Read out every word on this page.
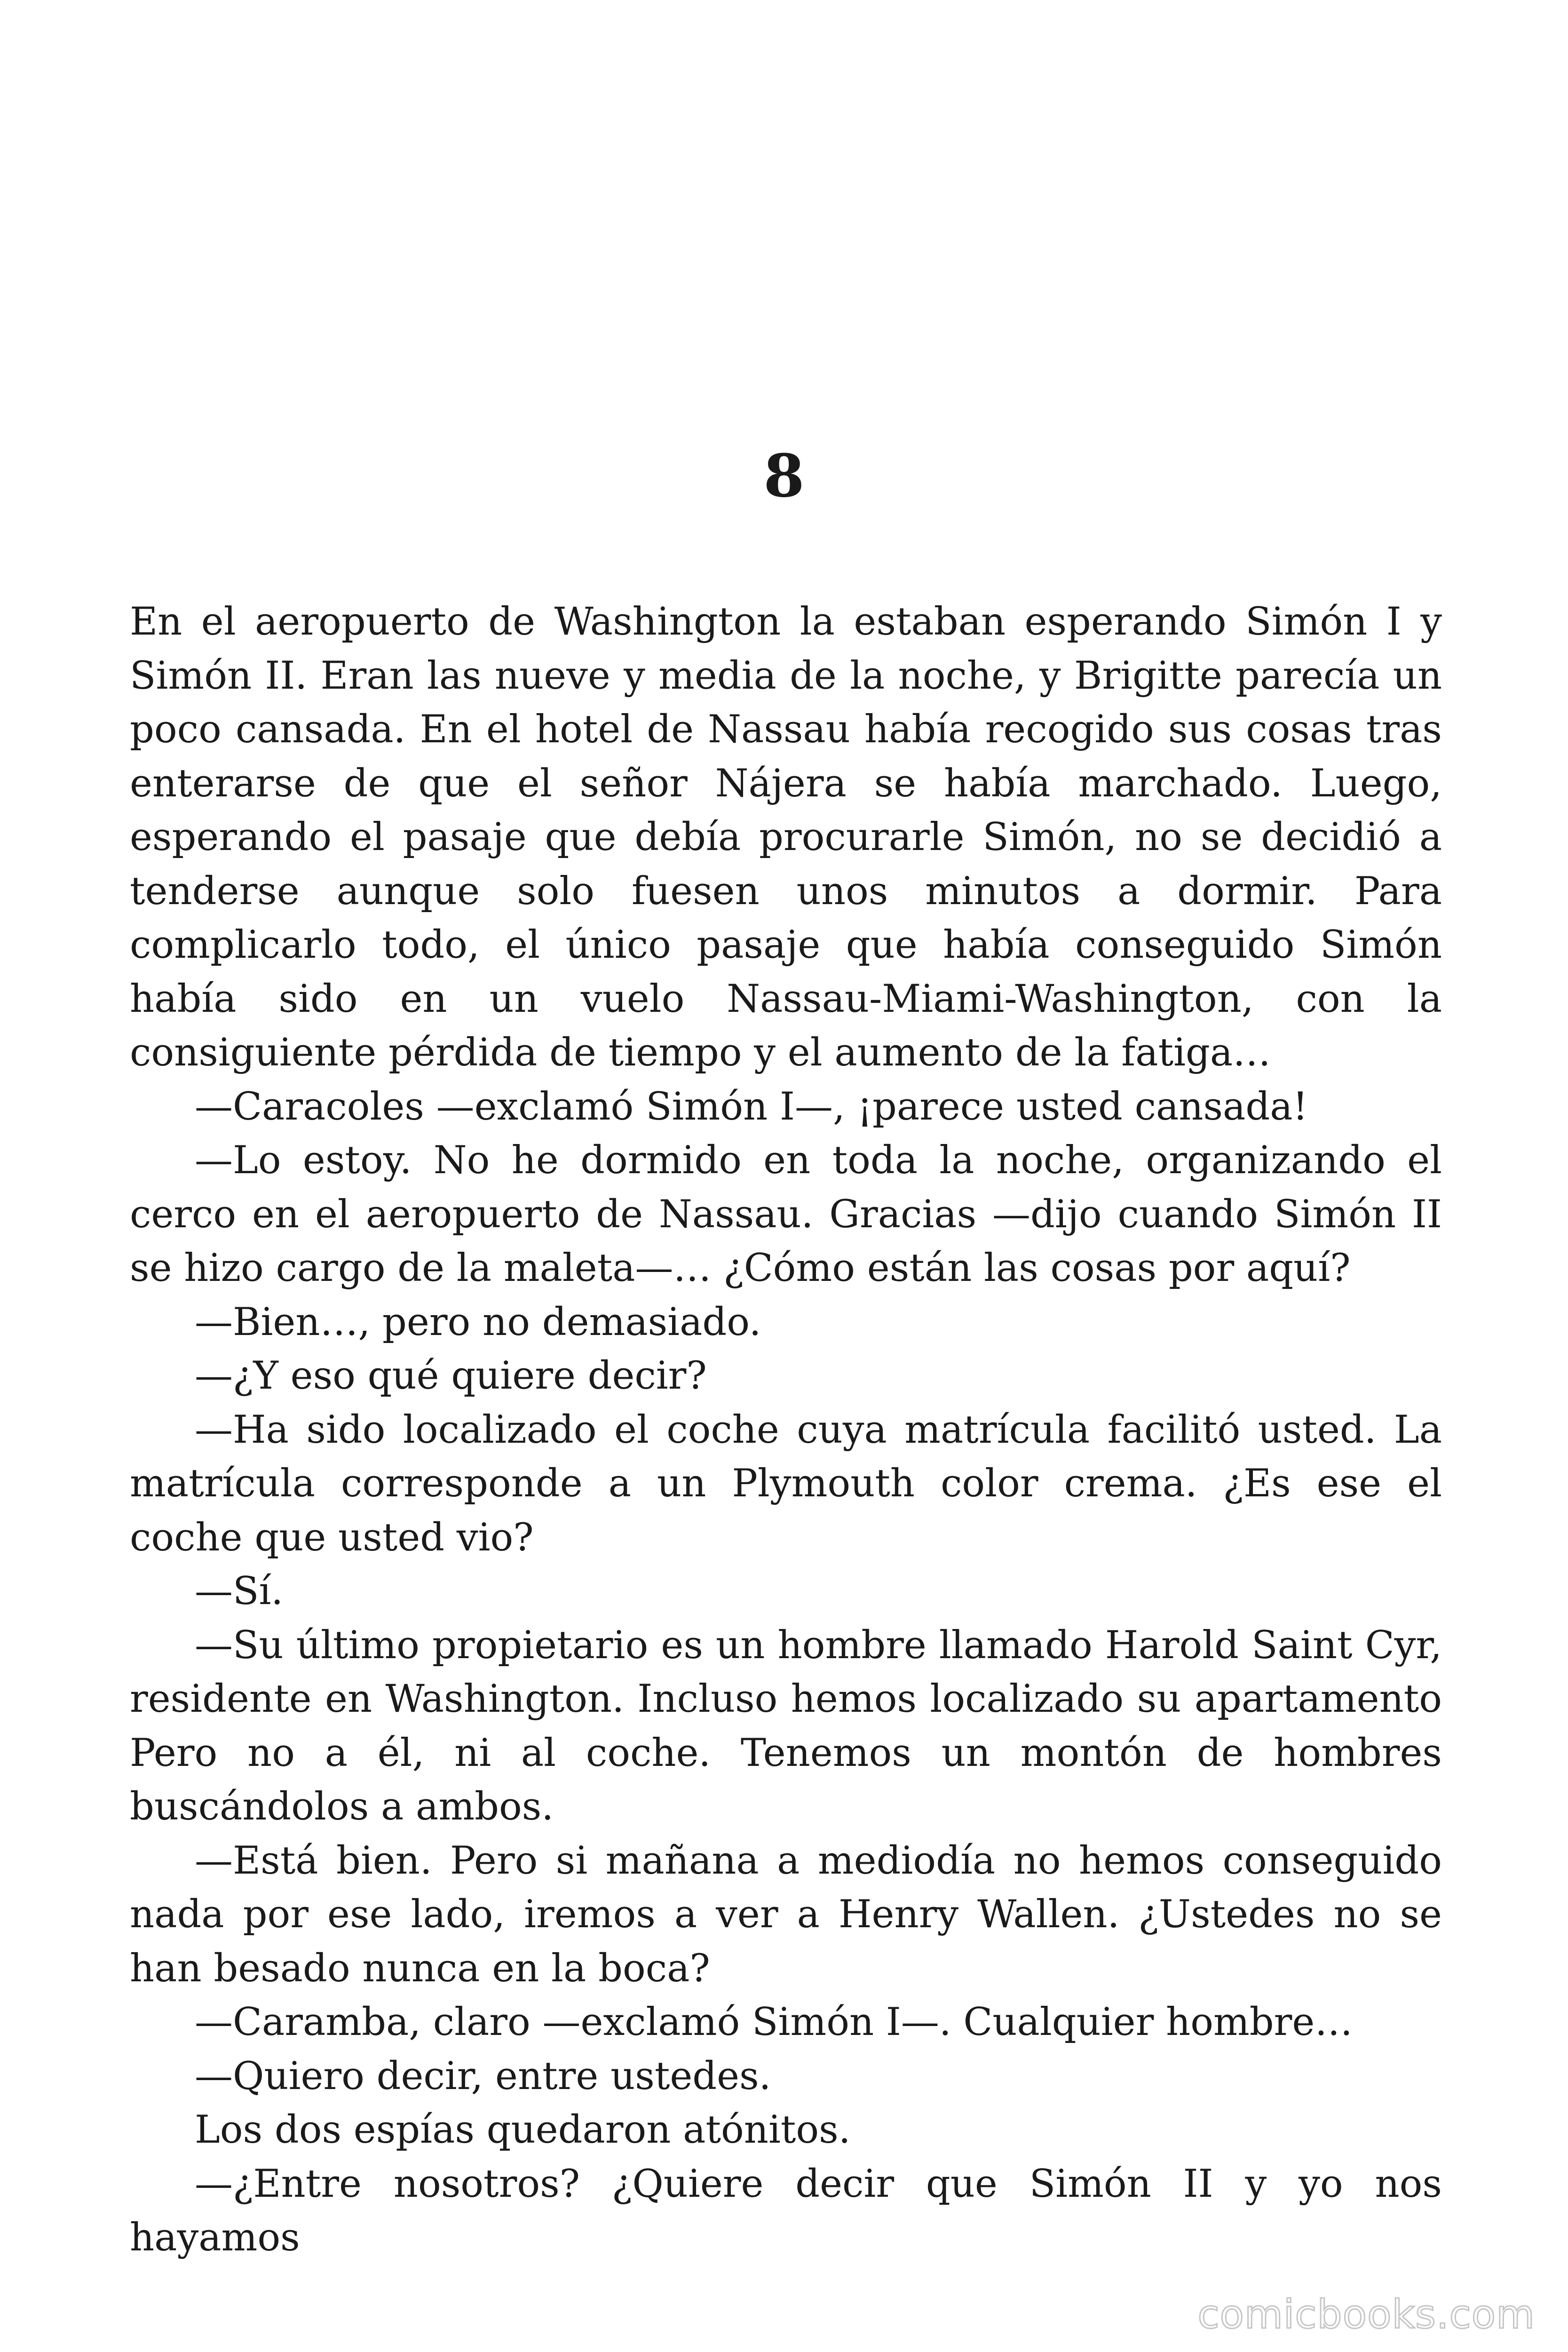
8

En el aeropuerto de Washington la estaban esperando Simón I y Simón II. Eran las nueve y media de la noche, y Brigitte parecía un poco cansada. En el hotel de Nassau había recogido sus cosas tras enterarse de que el señor Nájera se había marchado. Luego, esperando el pasaje que debía procurarle Simón, no se decidió a tenderse aunque solo fuesen unos minutos a dormir. Para complicarlo todo, el único pasaje que había conseguido Simón había sido en un vuelo Nassau-Miami-Washington, con la consiguiente pérdida de tiempo y el aumento de la fatiga…

—Caracoles —exclamó Simón I—, ¡parece usted cansada!

—Lo estoy. No he dormido en toda la noche, organizando el cerco en el aeropuerto de Nassau. Gracias —dijo cuando Simón II se hizo cargo de la maleta—… ¿Cómo están las cosas por aquí?

—Bien…, pero no demasiado.

—¿Y eso qué quiere decir?

—Ha sido localizado el coche cuya matrícula facilitó usted. La matrícula corresponde a un Plymouth color crema. ¿Es ese el coche que usted vio?

—Sí.

—Su último propietario es un hombre llamado Harold Saint Cyr, residente en Washington. Incluso hemos localizado su apartamento Pero no a él, ni al coche. Tenemos un montón de hombres buscándolos a ambos.

—Está bien. Pero si mañana a mediodía no hemos conseguido nada por ese lado, iremos a ver a Henry Wallen. ¿Ustedes no se han besado nunca en la boca?

—Caramba, claro —exclamó Simón I—. Cualquier hombre…

—Quiero decir, entre ustedes.

Los dos espías quedaron atónitos.

—¿Entre nosotros? ¿Quiere decir que Simón II y yo nos hayamos

comicbooks.com
